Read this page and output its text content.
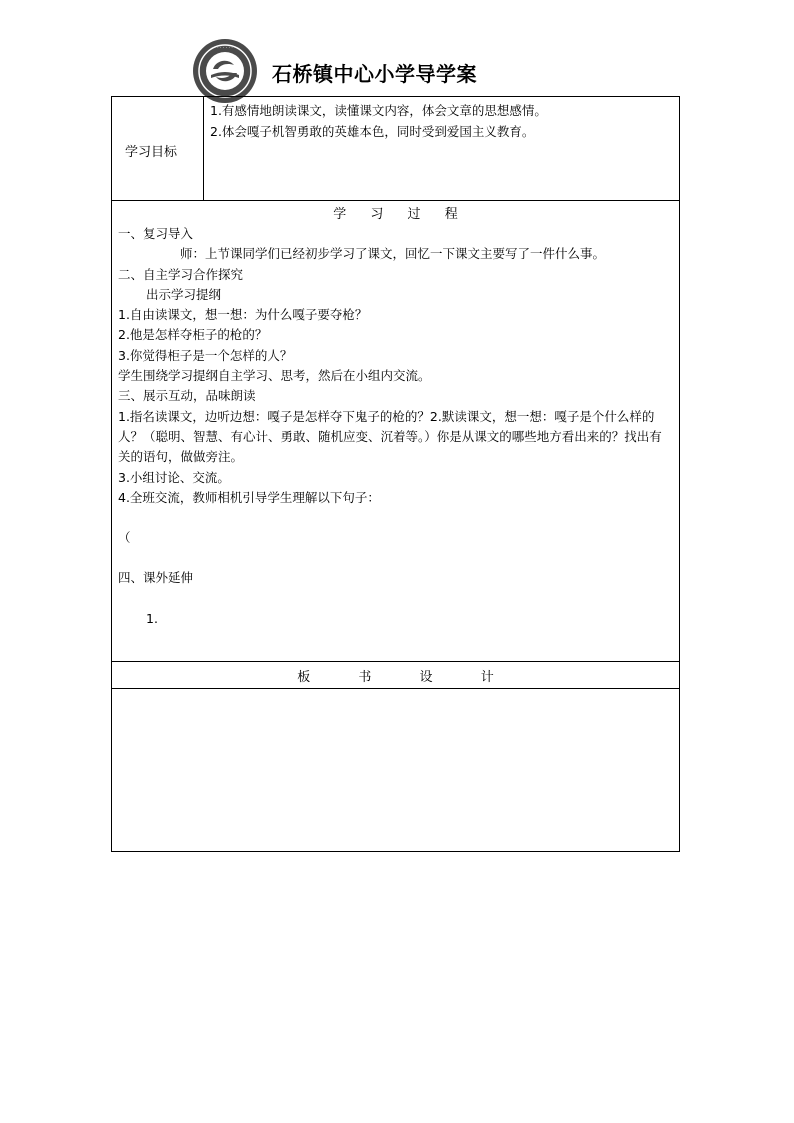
· · · · · · · ·
石桥镇中心小学导学案
学习目标
1.有感情地朗读课文，读懂课文内容，体会文章的思想感情。
2.体会嘎子机智勇敢的英雄本色，同时受到爱国主义教育。
学 习 过 程
一、复习导入
师：上节课同学们已经初步学习了课文，回忆一下课文主要写了一件什么事。
二、自主学习合作探究
出示学习提纲
1.自由读课文，想一想：为什么嘎子要夺枪？
2.他是怎样夺柜子的枪的？
3.你觉得柜子是一个怎样的人？
学生围绕学习提纲自主学习、思考，然后在小组内交流。
三、展示互动，品味朗读
1.指名读课文，边听边想：嘎子是怎样夺下鬼子的枪的？2.默读课文，想一想：嘎子是个什么样的人？（聪明、智慧、有心计、勇敢、随机应变、沉着等。）你是从课文的哪些地方看出来的？找出有关的语句，做做旁注。
3.小组讨论、交流。
4.全班交流，教师相机引导学生理解以下句子：
（
四、课外延伸
1.
板 书 设 计
